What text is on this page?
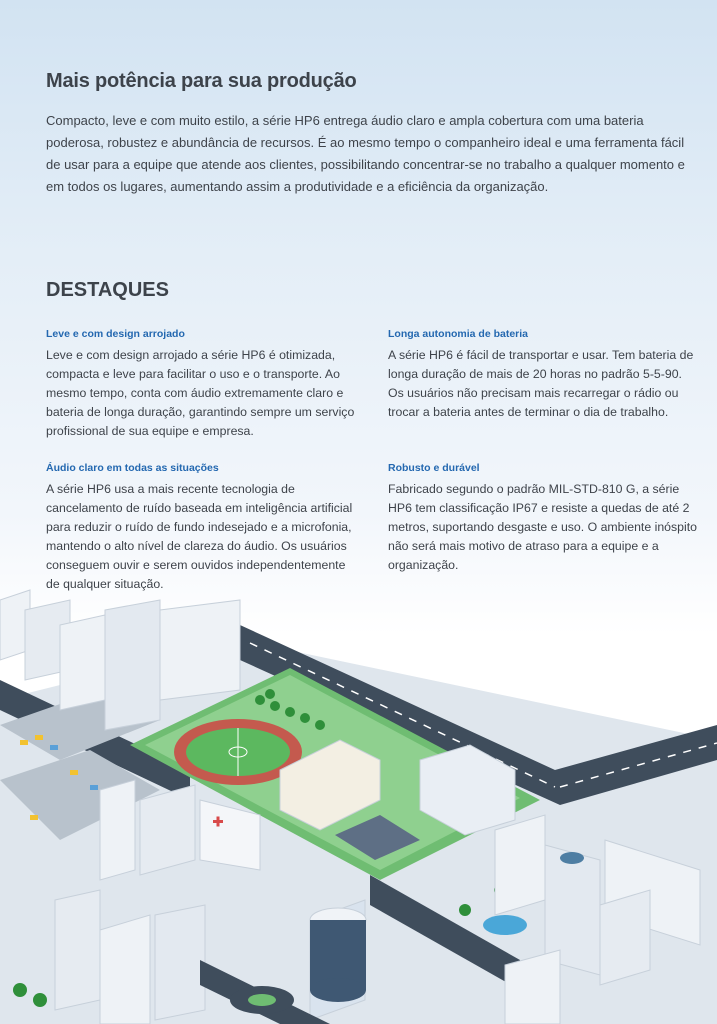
Mais potência para sua produção

Compacto, leve e com muito estilo, a série HP6 entrega áudio claro e ampla cobertura com uma bateria poderosa, robustez e abundância de recursos. É ao mesmo tempo o companheiro ideal e uma ferramenta fácil de usar para a equipe que atende aos clientes, possibilitando concentrar-se no trabalho a qualquer momento e em todos os lugares, aumentando assim a produtividade e a eficiência da organização.

DESTAQUES
Leve e com design arrojado

Leve e com design arrojado a série HP6 é otimizada, compacta e leve para facilitar o uso e o transporte. Ao mesmo tempo, conta com áudio extremamente claro e bateria de longa duração, garantindo sempre um serviço profissional de sua equipe e empresa.

Longa autonomia de bateria

A série HP6 é fácil de transportar e usar. Tem bateria de longa duração de mais de 20 horas no padrão 5-5-90. Os usuários não precisam mais recarregar o rádio ou trocar a bateria antes de terminar o dia de trabalho.

Áudio claro em todas as situações

A série HP6 usa a mais recente tecnologia de cancelamento de ruído baseada em inteligência artificial para reduzir o ruído de fundo indesejado e a microfonia, mantendo o alto nível de clareza do áudio. Os usuários conseguem ouvir e serem ouvidos independentemente de qualquer situação.

Robusto e durável

Fabricado segundo o padrão MIL-STD-810 G, a série HP6 tem classificação IP67 e resiste a quedas de até 2 metros, suportando desgaste e uso. O ambiente inóspito não será mais motivo de atraso para a equipe e a organização.
